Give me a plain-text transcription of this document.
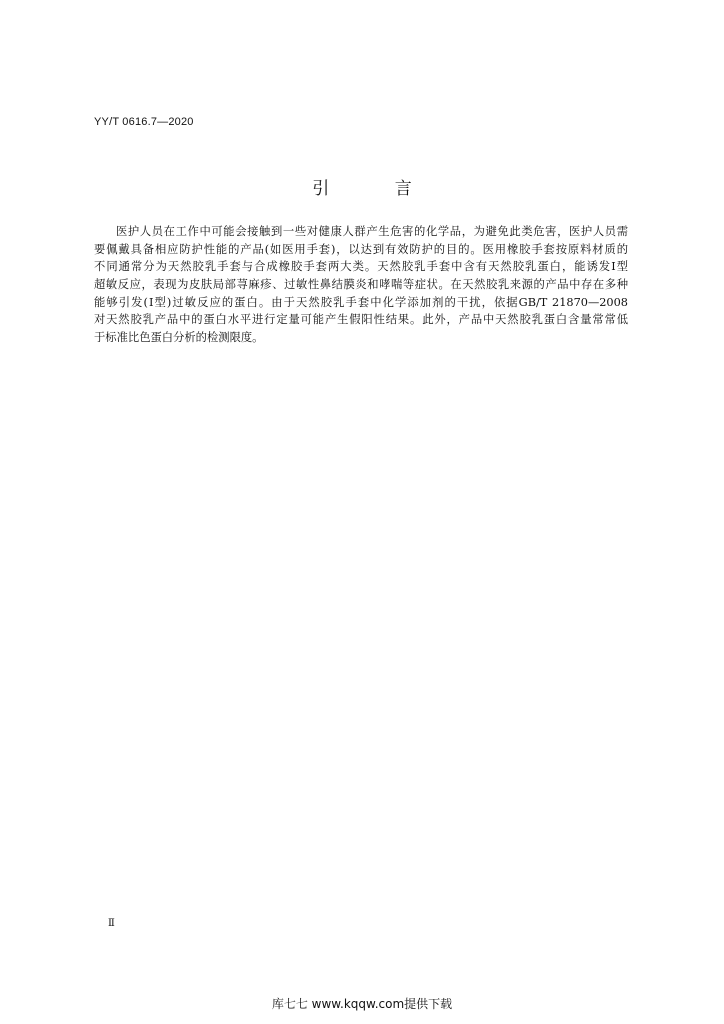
YY/T 0616.7—2020
引 言
医护人员在工作中可能会接触到一些对健康人群产生危害的化学品，为避免此类危害，医护人员需
要佩戴具备相应防护性能的产品(如医用手套)，以达到有效防护的目的。医用橡胶手套按原料材质的
不同通常分为天然胶乳手套与合成橡胶手套两大类。天然胶乳手套中含有天然胶乳蛋白，能诱发Ⅰ型
超敏反应，表现为皮肤局部荨麻疹、过敏性鼻结膜炎和哮喘等症状。在天然胶乳来源的产品中存在多种
能够引发(Ⅰ型)过敏反应的蛋白。由于天然胶乳手套中化学添加剂的干扰，依据GB/T 21870—2008
对天然胶乳产品中的蛋白水平进行定量可能产生假阳性结果。此外，产品中天然胶乳蛋白含量常常低
于标准比色蛋白分析的检测限度。
Ⅱ
库七七 www.kqqw.com提供下载
